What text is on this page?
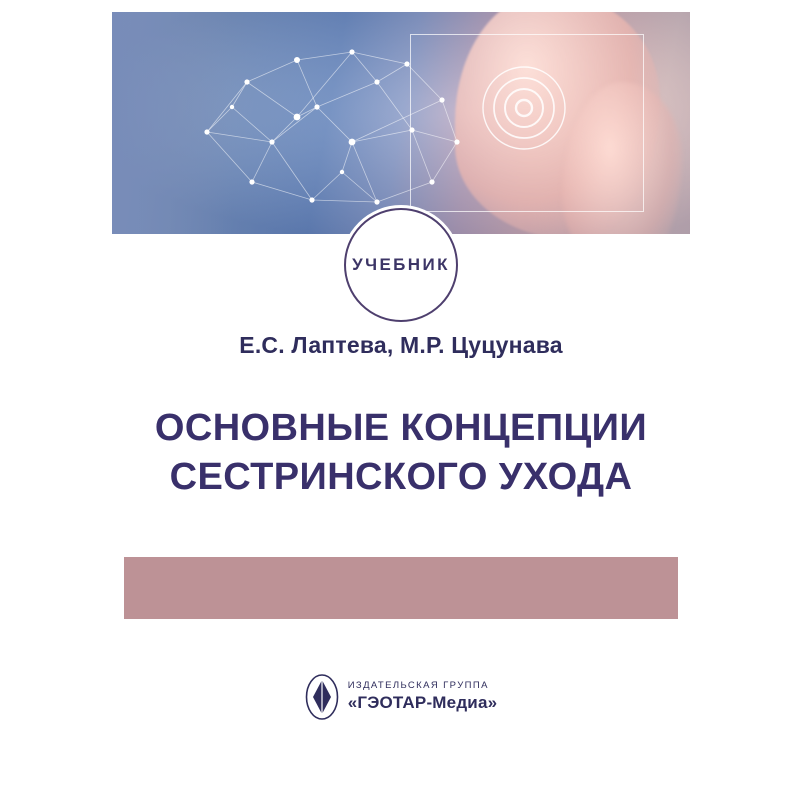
УЧЕБНИК
Е.С. Лаптева, М.Р. Цуцунава
ОСНОВНЫЕ КОНЦЕПЦИИ
СЕСТРИНСКОГО УХОДА
ИЗДАТЕЛЬСКАЯ ГРУППА
«ГЭОТАР-Медиа»
